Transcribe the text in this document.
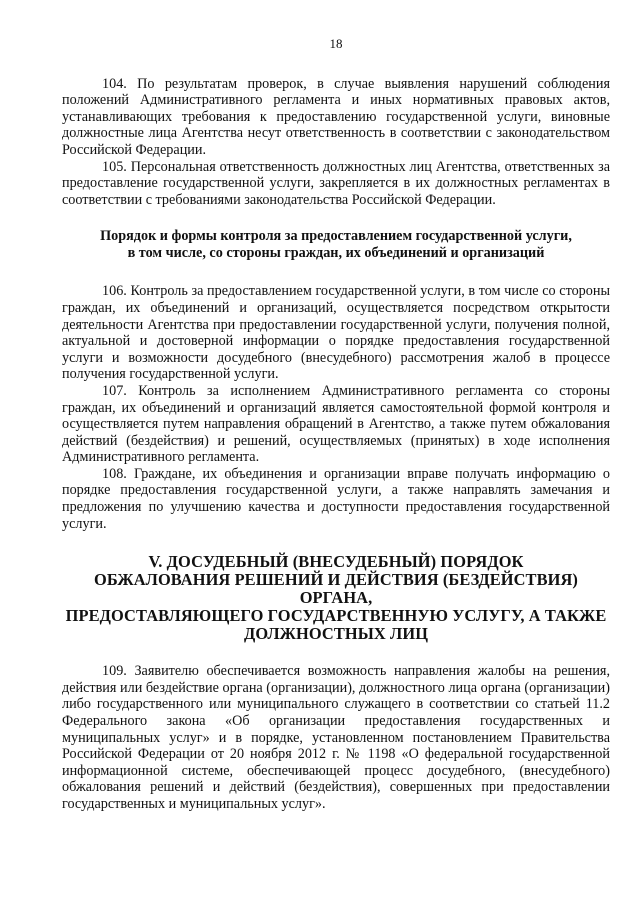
18

104. По результатам проверок, в случае выявления нарушений соблюдения положений Административного регламента и иных нормативных правовых актов, устанавливающих требования к предоставлению государственной услуги, виновные должностные лица Агентства несут ответственность в соответствии с законодательством Российской Федерации.

105. Персональная ответственность должностных лиц Агентства, ответственных за предоставление государственной услуги, закрепляется в их должностных регламентах в соответствии с требованиями законодательства Российской Федерации.

Порядок и формы контроля за предоставлением государственной услуги,
в том числе, со стороны граждан, их объединений и организаций

106. Контроль за предоставлением государственной услуги, в том числе со стороны граждан, их объединений и организаций, осуществляется посредством открытости деятельности Агентства при предоставлении государственной услуги, получения полной, актуальной и достоверной информации о порядке предоставления государственной услуги и возможности досудебного (внесудебного) рассмотрения жалоб в процессе получения государственной услуги.

107. Контроль за исполнением Административного регламента со стороны граждан, их объединений и организаций является самостоятельной формой контроля и осуществляется путем направления обращений в Агентство, а также путем обжалования действий (бездействия) и решений, осуществляемых (принятых) в ходе исполнения Административного регламента.

108. Граждане, их объединения и организации вправе получать информацию о порядке предоставления государственной услуги, а также направлять замечания и предложения по улучшению качества и доступности предоставления государственной услуги.

V. ДОСУДЕБНЫЙ (ВНЕСУДЕБНЫЙ) ПОРЯДОК
ОБЖАЛОВАНИЯ РЕШЕНИЙ И ДЕЙСТВИЯ (БЕЗДЕЙСТВИЯ) ОРГАНА,
ПРЕДОСТАВЛЯЮЩЕГО ГОСУДАРСТВЕННУЮ УСЛУГУ, А ТАКЖЕ
ДОЛЖНОСТНЫХ ЛИЦ

109. Заявителю обеспечивается возможность направления жалобы на решения, действия или бездействие органа (организации), должностного лица органа (организации) либо государственного или муниципального служащего в соответствии со статьей 11.2 Федерального закона «Об организации предоставления государственных и муниципальных услуг» и в порядке, установленном постановлением Правительства Российской Федерации от 20 ноября 2012 г. № 1198 «О федеральной государственной информационной системе, обеспечивающей процесс досудебного, (внесудебного) обжалования решений и действий (бездействия), совершенных при предоставлении государственных и муниципальных услуг».
